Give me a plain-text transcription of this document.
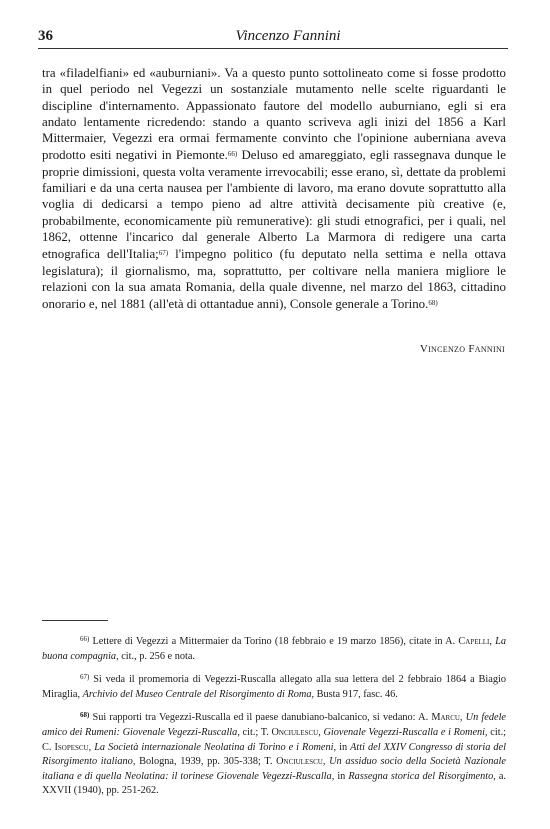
36	Vincenzo Fannini
tra «filadelfiani» ed «auburniani». Va a questo punto sottolineato come si fosse prodotto in quel periodo nel Vegezzi un sostanziale mutamento nelle scelte riguardanti le discipline d'internamento. Appassionato fautore del modello auburniano, egli si era andato lentamente ricredendo: stando a quanto scriveva agli inizi del 1856 a Karl Mittermaier, Vegezzi era ormai fermamente convinto che l'opinione auberniana aveva prodotto esiti negativi in Piemonte.$^{66)}$ Deluso ed amareggiato, egli rassegnava dunque le proprie dimissioni, questa volta veramente irrevocabili; esse erano, sì, dettate da problemi familiari e da una certa nausea per l'ambiente di lavoro, ma erano dovute soprattutto alla voglia di dedicarsi a tempo pieno ad altre attività decisamente più creative (e, probabilmente, economicamente più remunerative): gli studi etnografici, per i quali, nel 1862, ottenne l'incarico dal generale Alberto La Marmora di redigere una carta etnografica dell'Italia;$^{67)}$ l'impegno politico (fu deputato nella settima e nella ottava legislatura); il giornalismo, ma, soprattutto, per coltivare nella maniera migliore le relazioni con la sua amata Romania, della quale divenne, nel marzo del 1863, cittadino onorario e, nel 1881 (all'età di ottantadue anni), Console generale a Torino.$^{68)}$
Vincenzo Fannini

$^{66)}$ Lettere di Vegezzi a Mittermaier da Torino (18 febbraio e 19 marzo 1856), citate in A. Capelli, La buona compagnia, cit., p. 256 e nota.

$^{67)}$ Si veda il promemoria di Vegezzi-Ruscalla allegato alla sua lettera del 2 febbraio 1864 a Biagio Miraglia, Archivio del Museo Centrale del Risorgimento di Roma, Busta 917, fasc. 46.

$^{68)}$ Sui rapporti tra Vegezzi-Ruscalla ed il paese danubiano-balcanico, si vedano: A. Marcu, Un fedele amico dei Rumeni: Giovenale Vegezzi-Ruscalla, cit.; T. Onciulescu, Giovenale Vegezzi-Ruscalla e i Romeni, cit.; C. Isopescu, La Società internazionale Neolatina di Torino e i Romeni, in Atti del XXIV Congresso di storia del Risorgimento italiano, Bologna, 1939, pp. 305-338; T. Onciulescu, Un assiduo socio della Società Nazionale italiana e di quella Neolatina: il torinese Giovenale Vegezzi-Ruscalla, in Rassegna storica del Risorgimento, a. XXVII (1940), pp. 251-262.
